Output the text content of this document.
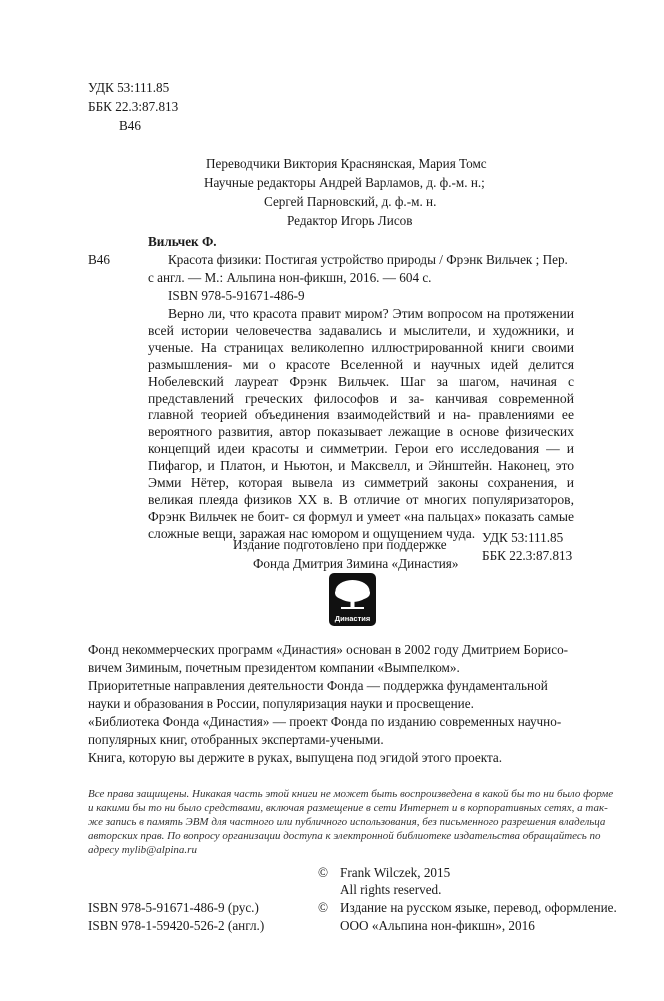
УДК 53:111.85
ББК 22.3:87.813
В46
Переводчики Виктория Краснянская, Мария Томс
Научные редакторы Андрей Варламов, д. ф.-м. н.;
Сергей Парновский, д. ф.-м. н.
Редактор Игорь Лисов
Вильчек Ф.
В46	Красота физики: Постигая устройство природы / Фрэнк Вильчек ; Пер.
с англ. — М.: Альпина нон-фикшн, 2016. — 604 с.
ISBN 978-5-91671-486-9
Верно ли, что красота правит миром? Этим вопросом на протяжении всей истории человечества задавались и мыслители, и художники, и ученые. На страницах великолепно иллюстрированной книги своими размышления- ми о красоте Вселенной и научных идей делится Нобелевский лауреат Фрэнк Вильчек. Шаг за шагом, начиная с представлений греческих философов и за- канчивая современной главной теорией объединения взаимодействий и на- правлениями ее вероятного развития, автор показывает лежащие в основе физических концепций идеи красоты и симметрии. Герои его исследования — и Пифагор, и Платон, и Ньютон, и Максвелл, и Эйнштейн. Наконец, это Эмми Нётер, которая вывела из симметрий законы сохранения, и великая плеяда физиков XX в. В отличие от многих популяризаторов, Фрэнк Вильчек не боит- ся формул и умеет «на пальцах» показать самые сложные вещи, заражая нас юмором и ощущением чуда. УДК 53:111.85
ББК 22.3:87.813
Издание подготовлено при поддержке
Фонда Дмитрия Зимина «Династия»
Династия
Фонд некоммерческих программ «Династия» основан в 2002 году Дмитрием Борисо-
вичем Зиминым, почетным президентом компании «Вымпелком».
Приоритетные направления деятельности Фонда — поддержка фундаментальной
науки и образования в России, популяризация науки и просвещение.
«Библиотека Фонда «Династия» — проект Фонда по изданию современных научно-
популярных книг, отобранных экспертами-учеными.
Книга, которую вы держите в руках, выпущена под эгидой этого проекта.
Все права защищены. Никакая часть этой книги не может быть воспроизведена в какой бы то ни было форме
и какими бы то ни было средствами, включая размещение в сети Интернет и в корпоративных сетях, а так-
же запись в память ЭВМ для частного или публичного использования, без письменного разрешения владельца
авторских прав. По вопросу организации доступа к электронной библиотеке издательства обращайтесь по
адресу mylib@alpina.ru
© Frank Wilczek, 2015
All rights reserved.
© Издание на русском языке, перевод, оформление.
ООО «Альпина нон-фикшн», 2016
ISBN 978-5-91671-486-9 (рус.)
ISBN 978-1-59420-526-2 (англ.)
